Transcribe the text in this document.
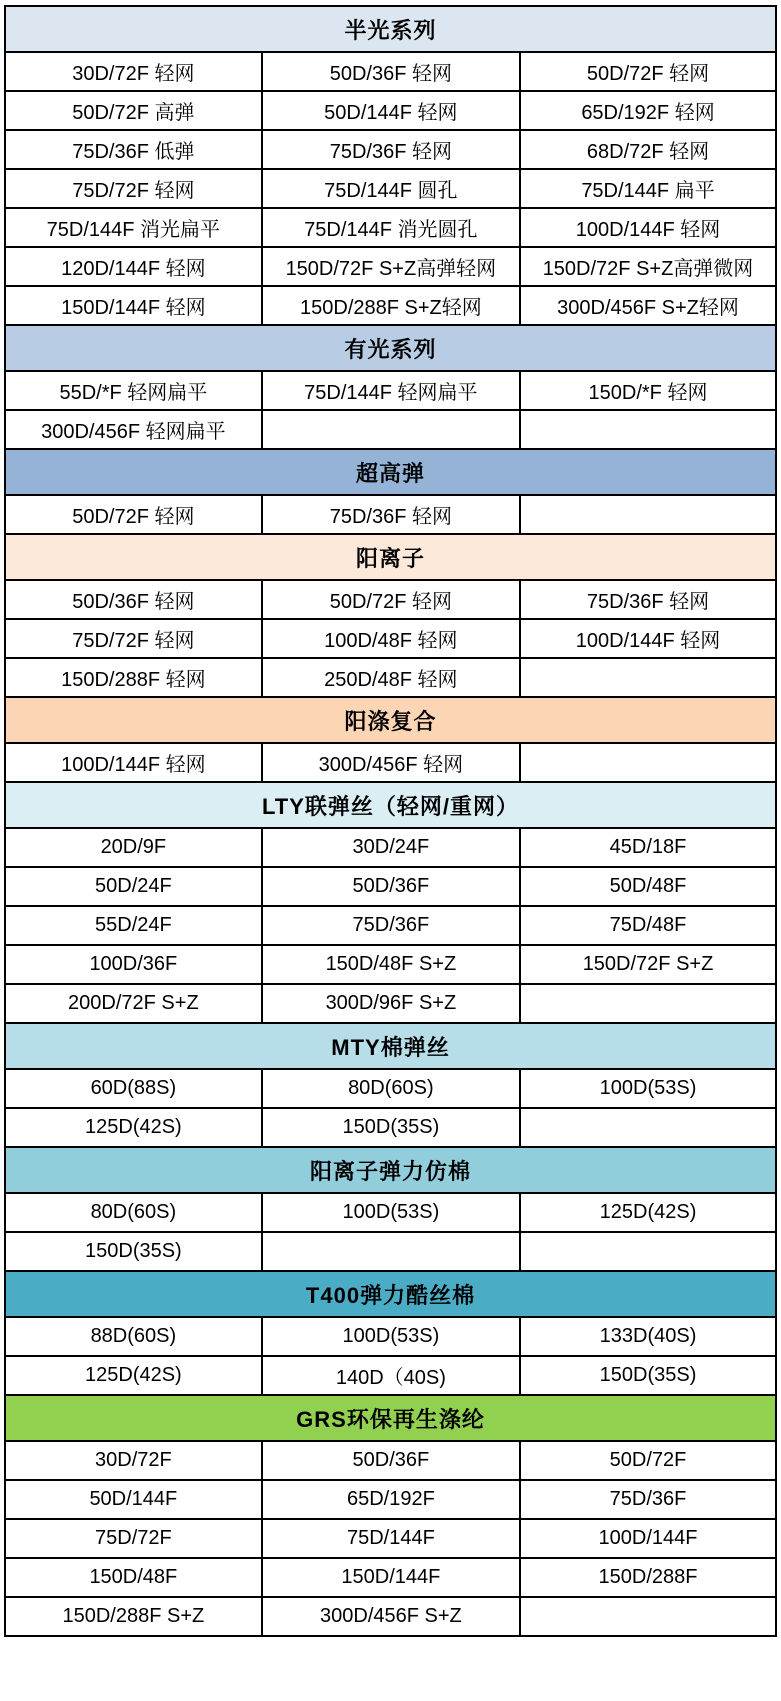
半光系列		
30D/72F 轻网	50D/36F 轻网	50D/72F 轻网
50D/72F 高弹	50D/144F 轻网	65D/192F 轻网
75D/36F 低弹	75D/36F 轻网	68D/72F 轻网
75D/72F 轻网	75D/144F 圆孔	75D/144F 扁平
75D/144F 消光扁平	75D/144F 消光圆孔	100D/144F 轻网
120D/144F 轻网	150D/72F S+Z高弹轻网	150D/72F S+Z高弹微网
150D/144F 轻网	150D/288F S+Z轻网	300D/456F S+Z轻网
有光系列		
55D/*F 轻网扁平	75D/144F 轻网扁平	150D/*F 轻网
300D/456F 轻网扁平		
超高弹		
50D/72F 轻网	75D/36F 轻网	
阳离子		
50D/36F 轻网	50D/72F 轻网	75D/36F 轻网
75D/72F 轻网	100D/48F 轻网	100D/144F 轻网
150D/288F 轻网	250D/48F 轻网	
阳涤复合		
100D/144F 轻网	300D/456F 轻网	
LTY联弹丝（轻网/重网）		
20D/9F	30D/24F	45D/18F
50D/24F	50D/36F	50D/48F
55D/24F	75D/36F	75D/48F
100D/36F	150D/48F S+Z	150D/72F S+Z
200D/72F S+Z	300D/96F S+Z	
MTY棉弹丝		
60D(88S)	80D(60S)	100D(53S)
125D(42S)	150D(35S)	
阳离子弹力仿棉		
80D(60S)	100D(53S)	125D(42S)
150D(35S)		
T400弹力酷丝棉		
88D(60S)	100D(53S)	133D(40S)
125D(42S)	140D（40S)	150D(35S)
GRS环保再生涤纶		
30D/72F	50D/36F	50D/72F
50D/144F	65D/192F	75D/36F
75D/72F	75D/144F	100D/144F
150D/48F	150D/144F	150D/288F
150D/288F S+Z	300D/456F S+Z	
